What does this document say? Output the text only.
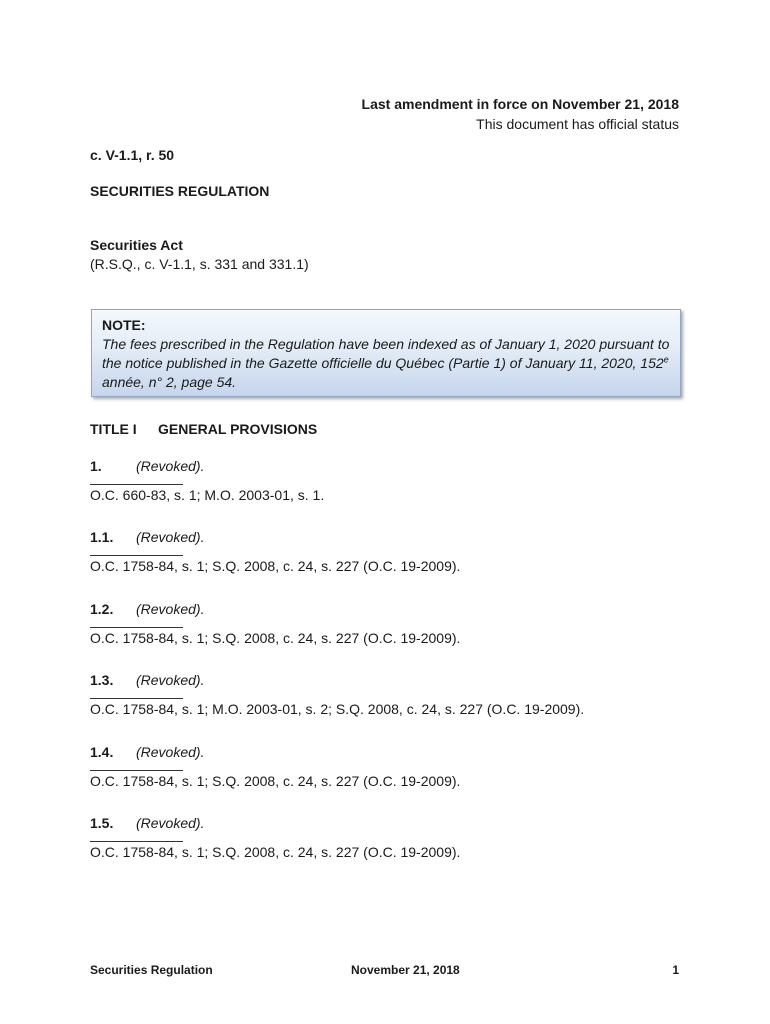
Last amendment in force on November 21, 2018
This document has official status
c. V-1.1, r. 50
SECURITIES REGULATION
Securities Act
(R.S.Q., c. V-1.1, s. 331 and 331.1)
NOTE:
The fees prescribed in the Regulation have been indexed as of January 1, 2020 pursuant to the notice published in the Gazette officielle du Québec (Partie 1) of January 11, 2020, 152e année, n° 2, page 54.
TITLE I GENERAL PROVISIONS
1. (Revoked).
O.C. 660-83, s. 1; M.O. 2003-01, s. 1.
1.1. (Revoked).
O.C. 1758-84, s. 1; S.Q. 2008, c. 24, s. 227 (O.C. 19-2009).
1.2. (Revoked).
O.C. 1758-84, s. 1; S.Q. 2008, c. 24, s. 227 (O.C. 19-2009).
1.3. (Revoked).
O.C. 1758-84, s. 1; M.O. 2003-01, s. 2; S.Q. 2008, c. 24, s. 227 (O.C. 19-2009).
1.4. (Revoked).
O.C. 1758-84, s. 1; S.Q. 2008, c. 24, s. 227 (O.C. 19-2009).
1.5. (Revoked).
O.C. 1758-84, s. 1; S.Q. 2008, c. 24, s. 227 (O.C. 19-2009).
Securities Regulation	November 21, 2018	1
